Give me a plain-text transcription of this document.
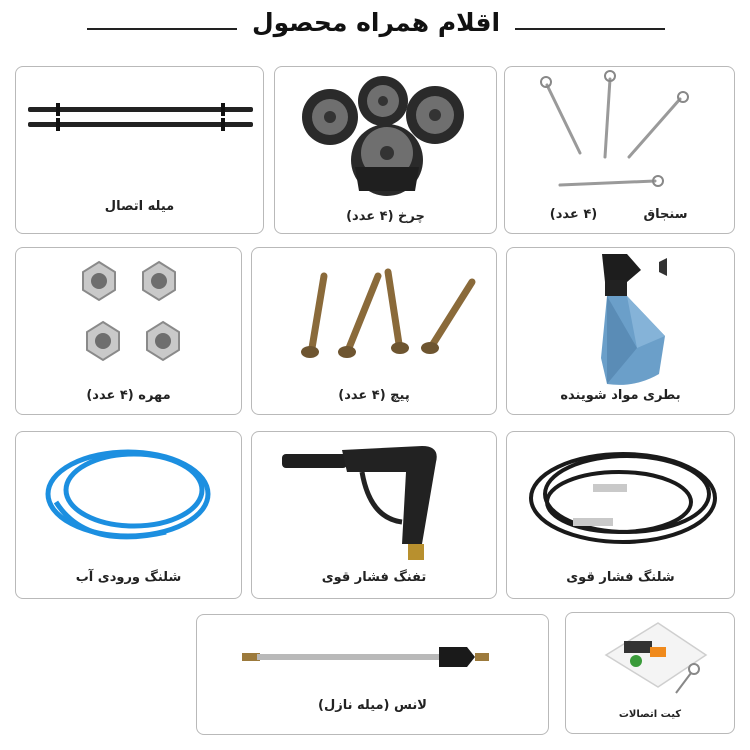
اقلام همراه محصول
میله اتصال
چرخ (۴ عدد)	سنجاق
(۴ عدد)
مهره (۴ عدد)	پیچ (۴ عدد)	بطری مواد شوینده
شلنگ ورودی آب	تفنگ فشار قوی	شلنگ فشار قوی
لانس (میله نازل)
کیت اتصالات
